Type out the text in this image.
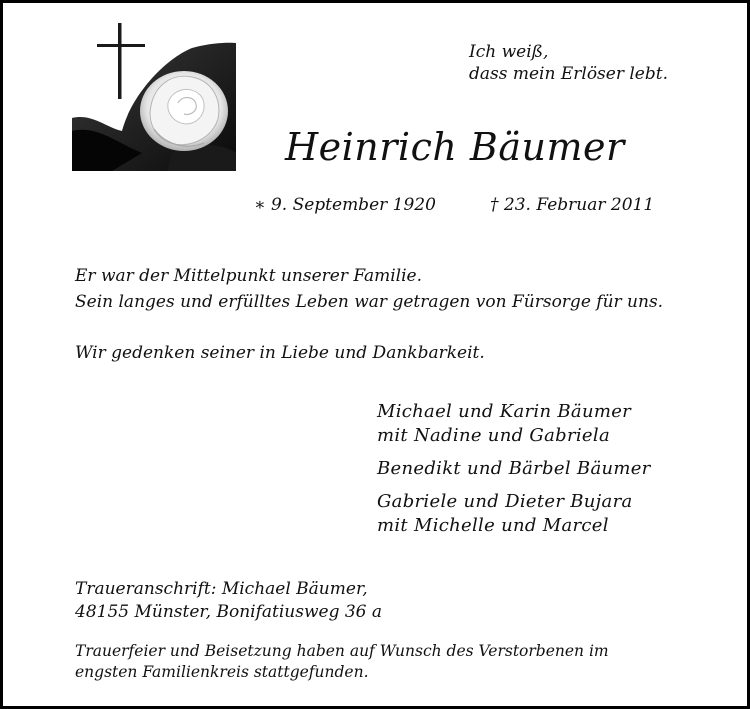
Ich weiß,
dass mein Erlöser lebt.
Heinrich Bäumer
∗ 9. September 1920	† 23. Februar 2011
Er war der Mittelpunkt unserer Familie.
Sein langes und erfülltes Leben war getragen von Fürsorge für uns.
Wir gedenken seiner in Liebe und Dankbarkeit.
Michael und Karin Bäumer
mit Nadine und Gabriela
Benedikt und Bärbel Bäumer
Gabriele und Dieter Bujara
mit Michelle und Marcel
Traueranschrift: Michael Bäumer,
48155 Münster, Bonifatiusweg 36 a
Trauerfeier und Beisetzung haben auf Wunsch des Verstorbenen im
engsten Familienkreis stattgefunden.
